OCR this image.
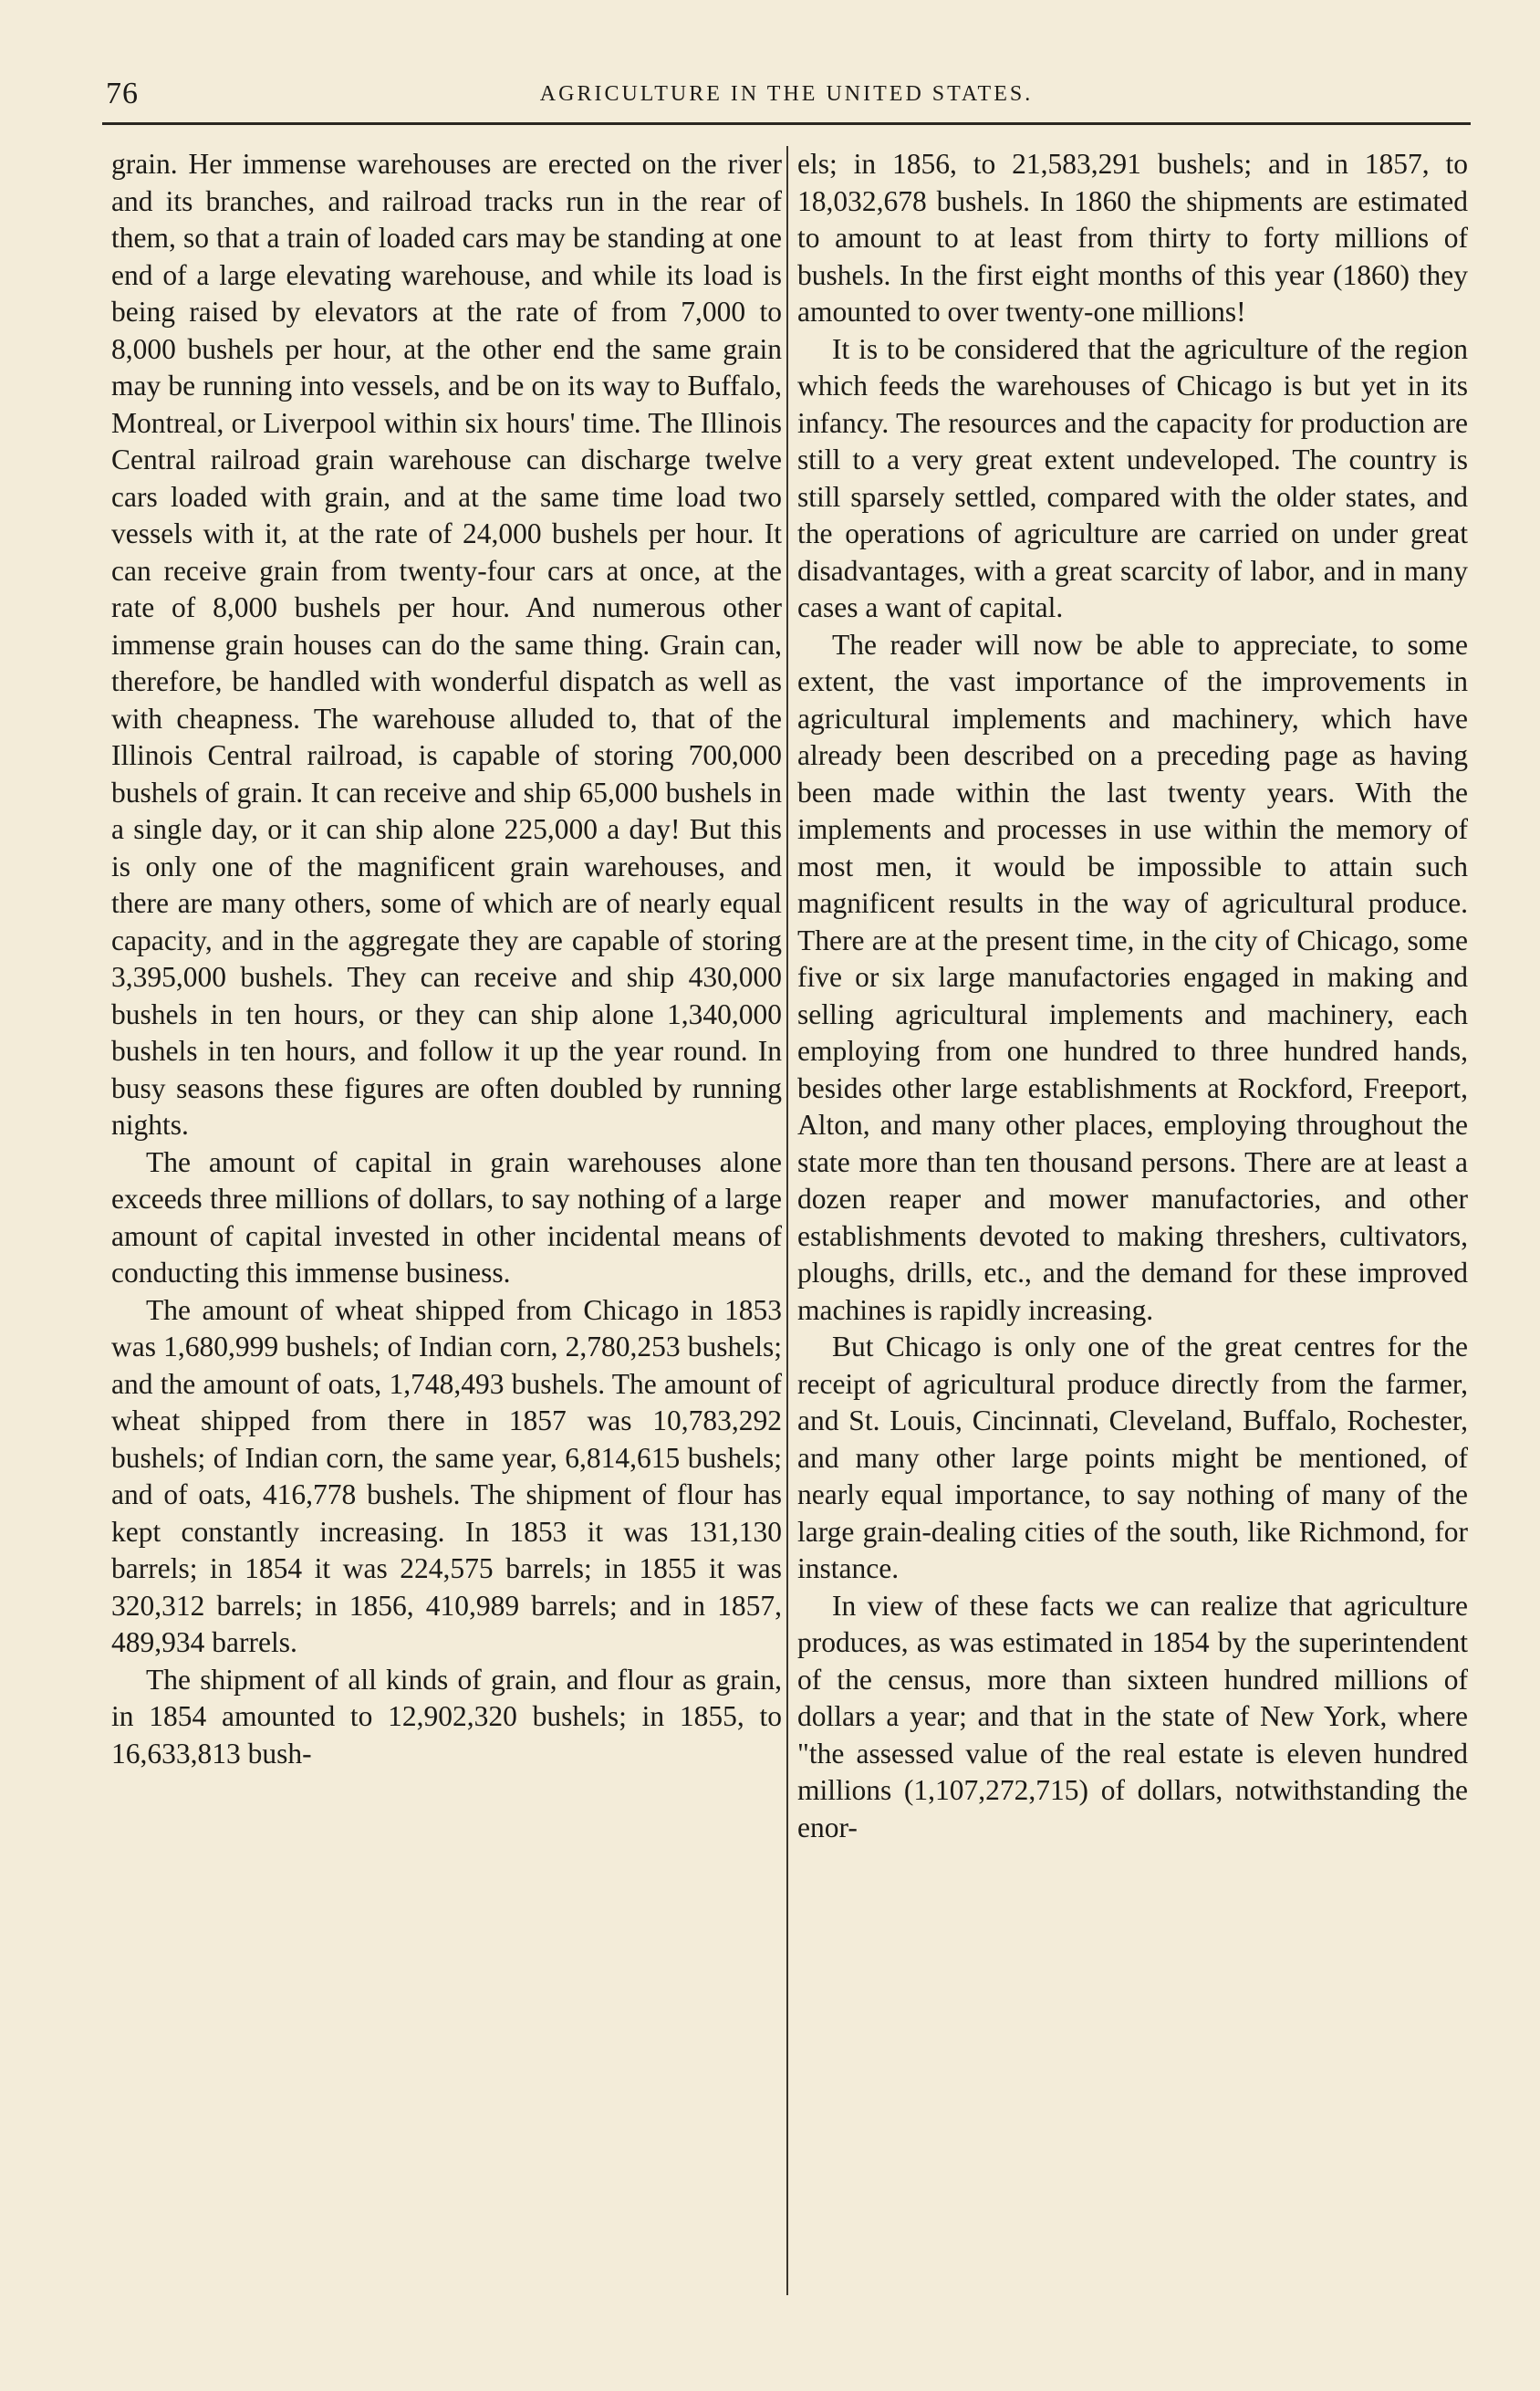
76	AGRICULTURE IN THE UNITED STATES.

grain. Her immense warehouses are erected on the river and its branches, and railroad tracks run in the rear of them, so that a train of loaded cars may be standing at one end of a large elevating warehouse, and while its load is being raised by elevators at the rate of from 7,000 to 8,000 bushels per hour, at the other end the same grain may be running into vessels, and be on its way to Buffalo, Montreal, or Liverpool within six hours' time. The Illinois Central railroad grain warehouse can discharge twelve cars loaded with grain, and at the same time load two vessels with it, at the rate of 24,000 bushels per hour. It can receive grain from twenty-four cars at once, at the rate of 8,000 bushels per hour. And numerous other immense grain houses can do the same thing. Grain can, therefore, be handled with wonderful dispatch as well as with cheapness. The warehouse alluded to, that of the Illinois Central railroad, is capable of storing 700,000 bushels of grain. It can receive and ship 65,000 bushels in a single day, or it can ship alone 225,000 a day! But this is only one of the magnificent grain warehouses, and there are many others, some of which are of nearly equal capacity, and in the aggregate they are capable of storing 3,395,000 bushels. They can receive and ship 430,000 bushels in ten hours, or they can ship alone 1,340,000 bushels in ten hours, and follow it up the year round. In busy seasons these figures are often doubled by running nights.

The amount of capital in grain warehouses alone exceeds three millions of dollars, to say nothing of a large amount of capital invested in other incidental means of conducting this immense business.

The amount of wheat shipped from Chicago in 1853 was 1,680,999 bushels; of Indian corn, 2,780,253 bushels; and the amount of oats, 1,748,493 bushels. The amount of wheat shipped from there in 1857 was 10,783,292 bushels; of Indian corn, the same year, 6,814,615 bushels; and of oats, 416,778 bushels. The shipment of flour has kept constantly increasing. In 1853 it was 131,130 barrels; in 1854 it was 224,575 barrels; in 1855 it was 320,312 barrels; in 1856, 410,989 barrels; and in 1857, 489,934 barrels.

The shipment of all kinds of grain, and flour as grain, in 1854 amounted to 12,902,320 bushels; in 1855, to 16,633,813 bush-

els; in 1856, to 21,583,291 bushels; and in 1857, to 18,032,678 bushels. In 1860 the shipments are estimated to amount to at least from thirty to forty millions of bushels. In the first eight months of this year (1860) they amounted to over twenty-one millions!

It is to be considered that the agriculture of the region which feeds the warehouses of Chicago is but yet in its infancy. The resources and the capacity for production are still to a very great extent undeveloped. The country is still sparsely settled, compared with the older states, and the operations of agriculture are carried on under great disadvantages, with a great scarcity of labor, and in many cases a want of capital.

The reader will now be able to appreciate, to some extent, the vast importance of the improvements in agricultural implements and machinery, which have already been described on a preceding page as having been made within the last twenty years. With the implements and processes in use within the memory of most men, it would be impossible to attain such magnificent results in the way of agricultural produce. There are at the present time, in the city of Chicago, some five or six large manufactories engaged in making and selling agricultural implements and machinery, each employing from one hundred to three hundred hands, besides other large establishments at Rockford, Freeport, Alton, and many other places, employing throughout the state more than ten thousand persons. There are at least a dozen reaper and mower manufactories, and other establishments devoted to making threshers, cultivators, ploughs, drills, etc., and the demand for these improved machines is rapidly increasing.

But Chicago is only one of the great centres for the receipt of agricultural produce directly from the farmer, and St. Louis, Cincinnati, Cleveland, Buffalo, Rochester, and many other large points might be mentioned, of nearly equal importance, to say nothing of many of the large grain-dealing cities of the south, like Richmond, for instance.

In view of these facts we can realize that agriculture produces, as was estimated in 1854 by the superintendent of the census, more than sixteen hundred millions of dollars a year; and that in the state of New York, where "the assessed value of the real estate is eleven hundred millions (1,107,272,715) of dollars, notwithstanding the enor-
